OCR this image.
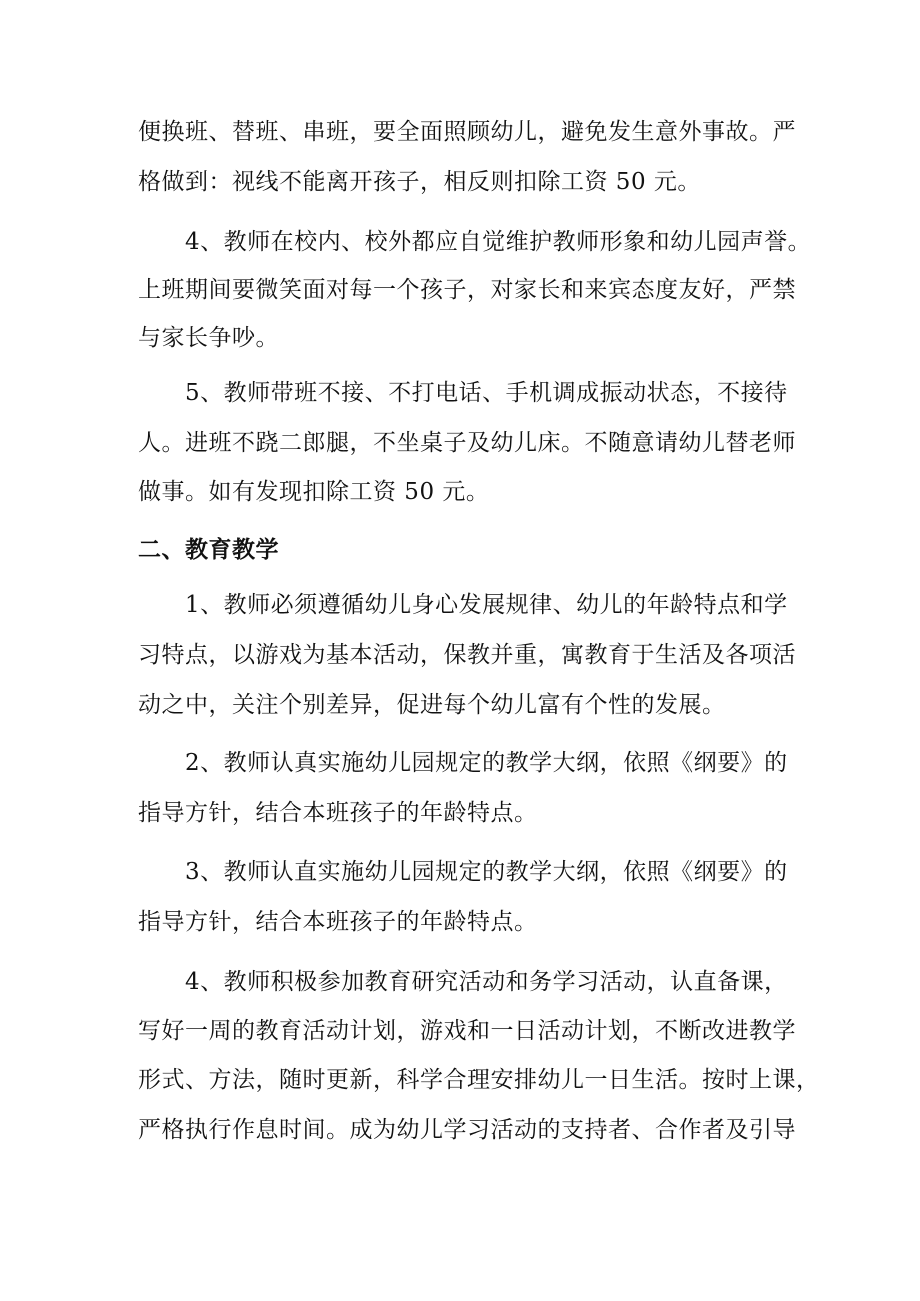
便换班、替班、串班，要全面照顾幼儿，避免发生意外事故。严
格做到：视线不能离开孩子，相反则扣除工资 50 元。
4、教师在校内、校外都应自觉维护教师形象和幼儿园声誉。
上班期间要微笑面对每一个孩子，对家长和来宾态度友好，严禁
与家长争吵。
5、教师带班不接、不打电话、手机调成振动状态，不接待
人。进班不跷二郎腿，不坐桌子及幼儿床。不随意请幼儿替老师
做事。如有发现扣除工资 50 元。
二、教育教学
1、教师必须遵循幼儿身心发展规律、幼儿的年龄特点和学
习特点，以游戏为基本活动，保教并重，寓教育于生活及各项活
动之中，关注个别差异，促进每个幼儿富有个性的发展。
2、教师认真实施幼儿园规定的教学大纲，依照《纲要》的
指导方针，结合本班孩子的年龄特点。
3、教师认直实施幼儿园规定的教学大纲，依照《纲要》的
指导方针，结合本班孩子的年龄特点。
4、教师积极参加教育研究活动和务学习活动，认直备课，
写好一周的教育活动计划，游戏和一日活动计划，不断改进教学
形式、方法，随时更新，科学合理安排幼儿一日生活。按时上课，
严格执行作息时间。成为幼儿学习活动的支持者、合作者及引导
